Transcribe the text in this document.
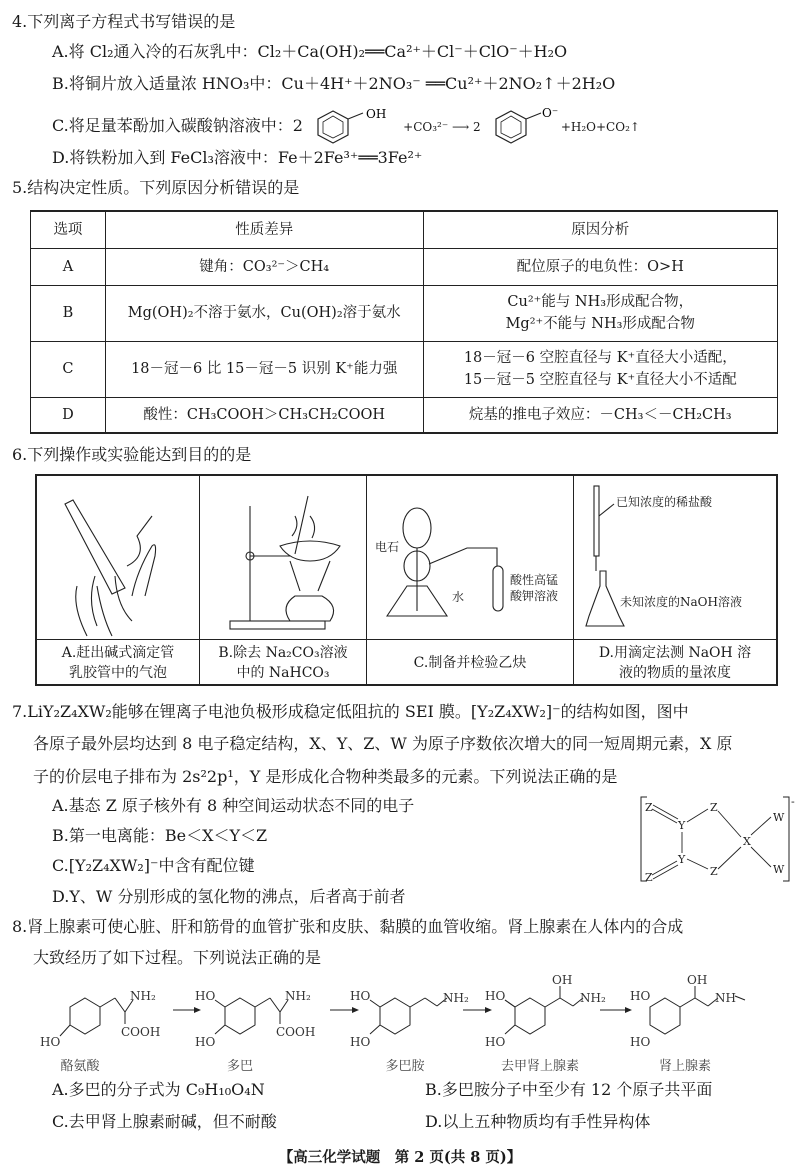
4.下列离子方程式书写错误的是
A.将 Cl₂通入冷的石灰乳中：Cl₂＋Ca(OH)₂══Ca²⁺＋Cl⁻＋ClO⁻＋H₂O
B.将铜片放入适量浓 HNO₃中：Cu＋4H⁺＋2NO₃⁻ ══Cu²⁺＋2NO₂↑＋2H₂O
C.将足量苯酚加入碳酸钠溶液中：2
OH
+CO₃²⁻ ⟶ 2
O⁻
+H₂O+CO₂↑
D.将铁粉加入到 FeCl₃溶液中：Fe＋2Fe³⁺══3Fe²⁺
5.结构决定性质。下列原因分析错误的是
选项	性质差异	原因分析
A	键角：CO₃²⁻＞CH₄	配位原子的电负性：O>H

B	Mg(OH)₂不溶于氨水，Cu(OH)₂溶于氨水	Cu²⁺能与 NH₃形成配合物，
Mg²⁺不能与 NH₃形成配合物

C	18－冠－6 比 15－冠－5 识别 K⁺能力强	18－冠－6 空腔直径与 K⁺直径大小适配，
15－冠－5 空腔直径与 K⁺直径大小不适配

D	酸性：CH₃COOH＞CH₃CH₂COOH	烷基的推电子效应：－CH₃＜－CH₂CH₃
6.下列操作或实验能达到目的的是
电石
水
酸性高锰
酸钾溶液
已知浓度的稀盐酸
未知浓度的NaOH溶液
A.赶出碱式滴定管
乳胶管中的气泡
B.除去 Na₂CO₃溶液
中的 NaHCO₃
C.制备并检验乙炔
D.用滴定法测 NaOH 溶
液的物质的量浓度
7.LiY₂Z₄XW₂能够在锂离子电池负极形成稳定低阻抗的 SEI 膜。[Y₂Z₄XW₂]⁻的结构如图，图中
各原子最外层均达到 8 电子稳定结构，X、Y、Z、W 为原子序数依次增大的同一短周期元素，X 原
子的价层电子排布为 2s²2p¹，Y 是形成化合物种类最多的元素。下列说法正确的是
A.基态 Z 原子核外有 8 种空间运动状态不同的电子
B.第一电离能：Be＜X＜Y＜Z
C.[Y₂Z₄XW₂]⁻中含有配位键
D.Y、W 分别形成的氢化物的沸点，后者高于前者
-
Z
Y
Z
X
W
Y
Z
Z
W
8.肾上腺素可使心脏、肝和筋骨的血管扩张和皮肤、黏膜的血管收缩。肾上腺素在人体内的合成
大致经历了如下过程。下列说法正确的是
NH₂
COOH
HO
NH₂
COOH
HO
HO
NH₂
HO
HO
NH₂
OH
HO
HO
NH
OH
HO
HO
酪氨酸	多巴	多巴胺	去甲肾上腺素	肾上腺素
A.多巴的分子式为 C₉H₁₀O₄N	B.多巴胺分子中至少有 12 个原子共平面
C.去甲肾上腺素耐碱，但不耐酸	D.以上五种物质均有手性异构体
【高三化学试题　第 2 页(共 8 页)】
